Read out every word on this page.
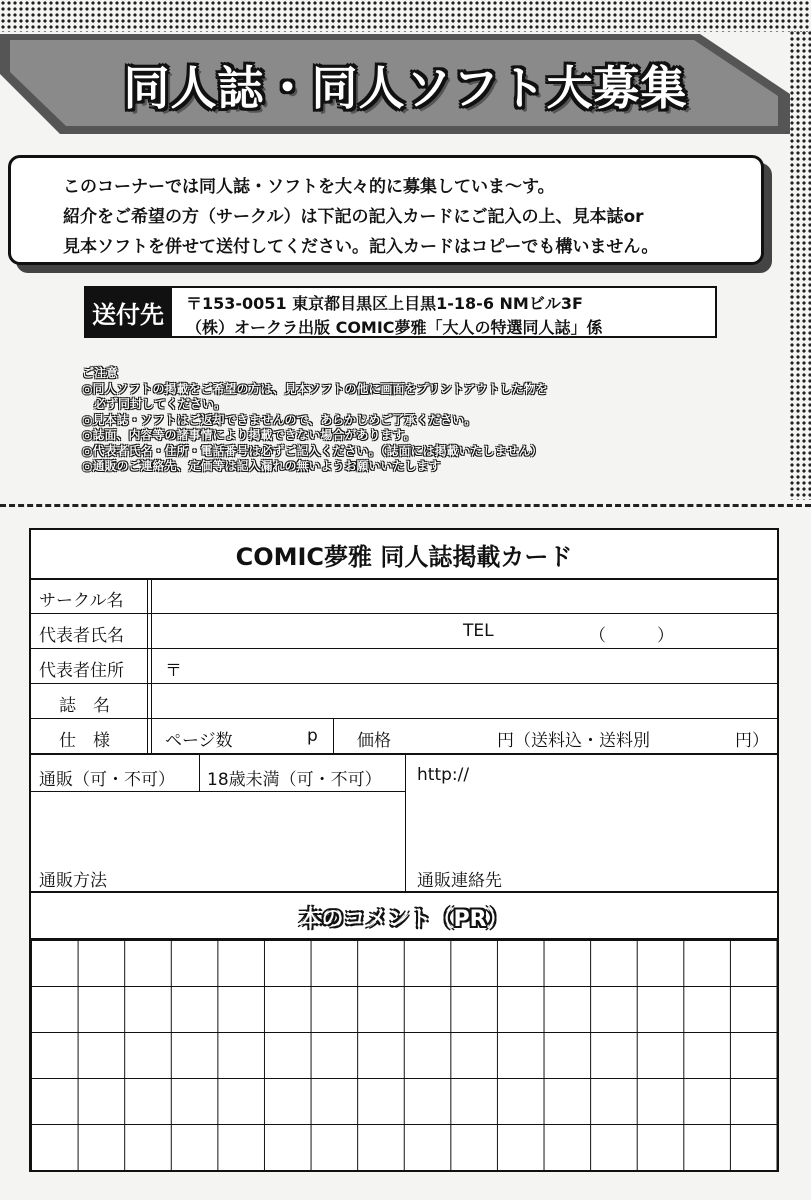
同人誌・同人ソフト大募集
このコーナーでは同人誌・ソフトを大々的に募集していま～す。
紹介をご希望の方（サークル）は下記の記入カードにご記入の上、見本誌or
見本ソフトを併せて送付してください。記入カードはコピーでも構いません。
送付先	〒153-0051 東京都目黒区上目黒1-18-6 NMビル3F
（株）オークラ出版 COMIC夢雅「大人の特選同人誌」係
ご注意
◎同人ソフトの掲載をご希望の方は、見本ソフトの他に画面をプリントアウトした物を
　必ず同封してください。
◎見本誌・ソフトはご返却できませんので、あらかじめご了承ください。
◎誌面、内容等の諸事情により掲載できない場合があります。
◎代表者氏名・住所・電話番号は必ずご記入ください。（誌面には掲載いたしません）
◎通販のご連絡先、定価等は記入漏れの無いようお願いいたします
COMIC夢雅 同人誌掲載カード
サークル名
代表者氏名	TEL	（　　　）
代表者住所 〒
誌　名
仕　様	ページ数	p 価格	円（送料込・送料別	円）
通販（可・不可） 18歳未満（可・不可） http://
通販方法	通販連絡先
本のコメント（PR）
